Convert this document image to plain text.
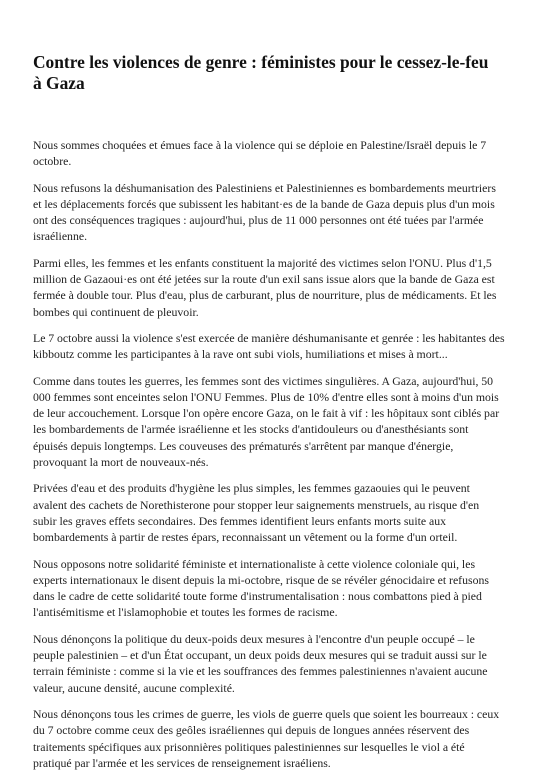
Contre les violences de genre : féministes pour le cessez-le-feu
à Gaza

Nous sommes choquées et émues face à la violence qui se déploie en Palestine/Israël depuis le 7
octobre.

Nous refusons la déshumanisation des Palestiniens et Palestiniennes es bombardements meurtriers
et les déplacements forcés que subissent les habitant·es de la bande de Gaza depuis plus d'un mois
ont des conséquences tragiques : aujourd'hui, plus de 11 000 personnes ont été tuées par l'armée
israélienne.

Parmi elles, les femmes et les enfants constituent la majorité des victimes selon l'ONU. Plus d'1,5
million de Gazaoui·es ont été jetées sur la route d'un exil sans issue alors que la bande de Gaza est
fermée à double tour. Plus d'eau, plus de carburant, plus de nourriture, plus de médicaments. Et les
bombes qui continuent de pleuvoir.

Le 7 octobre aussi la violence s'est exercée de manière déshumanisante et genrée : les habitantes des
kibboutz comme les participantes à la rave ont subi viols, humiliations et mises à mort...

Comme dans toutes les guerres, les femmes sont des victimes singulières. A Gaza, aujourd'hui, 50
000 femmes sont enceintes selon l'ONU Femmes. Plus de 10% d'entre elles sont à moins d'un mois
de leur accouchement. Lorsque l'on opère encore Gaza, on le fait à vif : les hôpitaux sont ciblés par
les bombardements de l'armée israélienne et les stocks d'antidouleurs ou d'anesthésiants sont
épuisés depuis longtemps. Les couveuses des prématurés s'arrêtent par manque d'énergie,
provoquant la mort de nouveaux-nés.

Privées d'eau et des produits d'hygiène les plus simples, les femmes gazaouies qui le peuvent
avalent des cachets de Norethisterone pour stopper leur saignements menstruels, au risque d'en
subir les graves effets secondaires. Des femmes identifient leurs enfants morts suite aux
bombardements à partir de restes épars, reconnaissant un vêtement ou la forme d'un orteil.

Nous opposons notre solidarité féministe et internationaliste à cette violence coloniale qui, les
experts internationaux le disent depuis la mi-octobre, risque de se révéler génocidaire et refusons
dans le cadre de cette solidarité toute forme d'instrumentalisation : nous combattons pied à pied
l'antisémitisme et l'islamophobie et toutes les formes de racisme.

Nous dénonçons la politique du deux-poids deux mesures à l'encontre d'un peuple occupé – le
peuple palestinien – et d'un État occupant, un deux poids deux mesures qui se traduit aussi sur le
terrain féministe : comme si la vie et les souffrances des femmes palestiniennes n'avaient aucune
valeur, aucune densité, aucune complexité.

Nous dénonçons tous les crimes de guerre, les viols de guerre quels que soient les bourreaux : ceux
du 7 octobre comme ceux des geôles israéliennes qui depuis de longues années réservent des
traitements spécifiques aux prisonnières politiques palestiniennes sur lesquelles le viol a été
pratiqué par l'armée et les services de renseignement israéliens.
